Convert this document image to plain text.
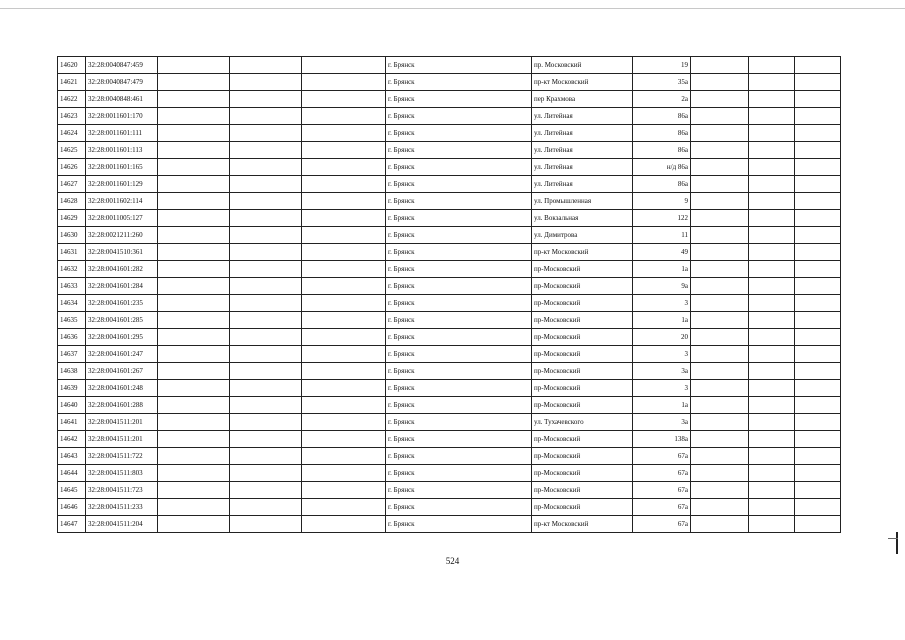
14620	32:28:0040847:459				г. Брянск	пр. Московский	19			
14621	32:28:0040847:479				г. Брянск	пр-кт Московский	35а			
14622	32:28:0040848:461				г. Брянск	пер Крахмова	2а			
14623	32:28:0011601:170				г. Брянск	ул. Литейная	86а			
14624	32:28:0011601:111				г. Брянск	ул. Литейная	86а			
14625	32:28:0011601:113				г. Брянск	ул. Литейная	86а			
14626	32:28:0011601:165				г. Брянск	ул. Литейная	н/д 86а			
14627	32:28:0011601:129				г. Брянск	ул. Литейная	86а			
14628	32:28:0011602:114				г. Брянск	ул. Промышленная	9			
14629	32:28:0011005:127				г. Брянск	ул. Вокзальная	122			
14630	32:28:0021211:260				г. Брянск	ул. Димитрова	11			
14631	32:28:0041510:361				г. Брянск	пр-кт Московский	49			
14632	32:28:0041601:282				г. Брянск	пр-Московский	1а			
14633	32:28:0041601:284				г. Брянск	пр-Московский	9а			
14634	32:28:0041601:235				г. Брянск	пр-Московский	3			
14635	32:28:0041601:285				г. Брянск	пр-Московский	1а			
14636	32:28:0041601:295				г. Брянск	пр-Московский	20			
14637	32:28:0041601:247				г. Брянск	пр-Московский	3			
14638	32:28:0041601:267				г. Брянск	пр-Московский	3а			
14639	32:28:0041601:248				г. Брянск	пр-Московский	3			
14640	32:28:0041601:288				г. Брянск	пр-Московский	1а			
14641	32:28:0041511:201				г. Брянск	ул. Тухачевского	3а			
14642	32:28:0041511:201				г. Брянск	пр-Московский	138а			
14643	32:28:0041511:722				г. Брянск	пр-Московский	67а			
14644	32:28:0041511:803				г. Брянск	пр-Московский	67а			
14645	32:28:0041511:723				г. Брянск	пр-Московский	67а			
14646	32:28:0041511:233				г. Брянск	пр-Московский	67а			
14647	32:28:0041511:204				г. Брянск	пр-кт Московский	67а			
524
